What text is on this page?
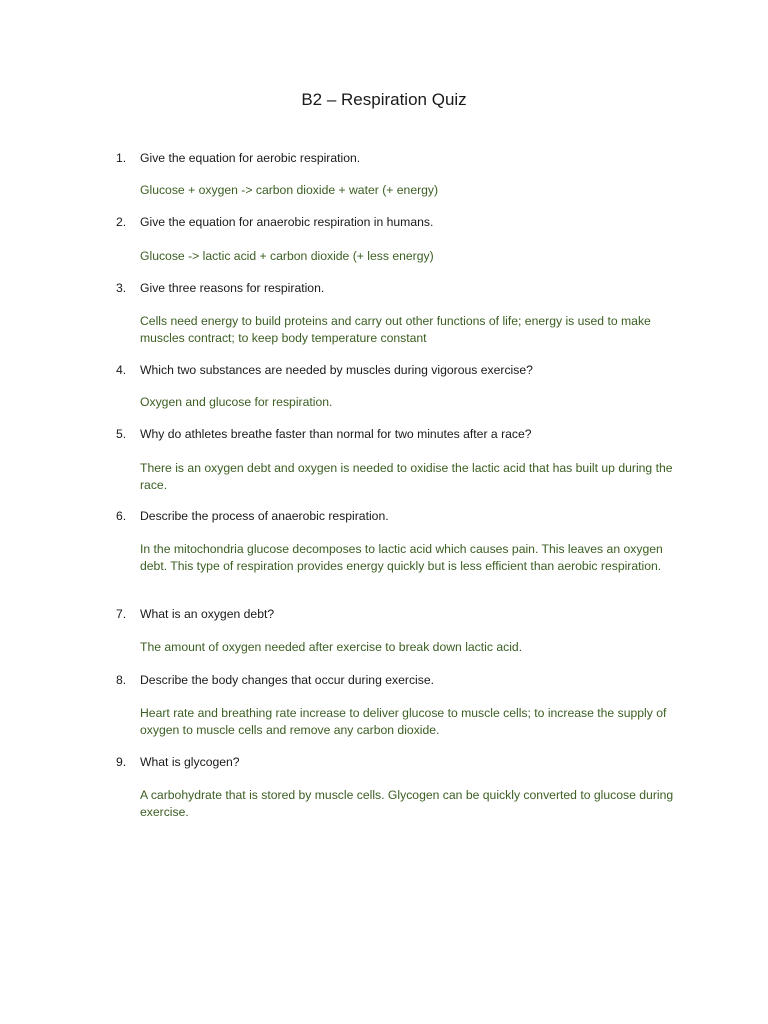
B2 – Respiration Quiz
1. Give the equation for aerobic respiration.
Glucose + oxygen -> carbon dioxide + water (+ energy)
2. Give the equation for anaerobic respiration in humans.
Glucose -> lactic acid + carbon dioxide (+ less energy)
3. Give three reasons for respiration.
Cells need energy to build proteins and carry out other functions of life; energy is used to make muscles contract; to keep body temperature constant
4. Which two substances are needed by muscles during vigorous exercise?
Oxygen and glucose for respiration.
5. Why do athletes breathe faster than normal for two minutes after a race?
There is an oxygen debt and oxygen is needed to oxidise the lactic acid that has built up during the race.
6. Describe the process of anaerobic respiration.
In the mitochondria glucose decomposes to lactic acid which causes pain. This leaves an oxygen debt. This type of respiration provides energy quickly but is less efficient than aerobic respiration.
7. What is an oxygen debt?
The amount of oxygen needed after exercise to break down lactic acid.
8. Describe the body changes that occur during exercise.
Heart rate and breathing rate increase to deliver glucose to muscle cells; to increase the supply of oxygen to muscle cells and remove any carbon dioxide.
9. What is glycogen?
A carbohydrate that is stored by muscle cells. Glycogen can be quickly converted to glucose during exercise.
